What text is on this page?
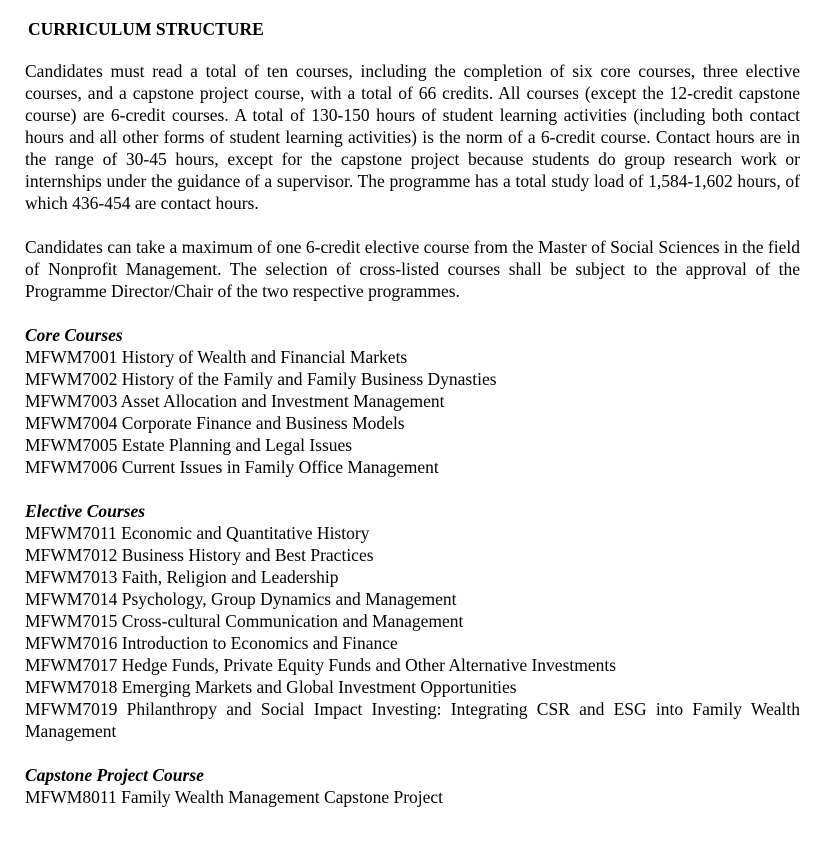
CURRICULUM STRUCTURE

Candidates must read a total of ten courses, including the completion of six core courses, three elective courses, and a capstone project course, with a total of 66 credits. All courses (except the 12-credit capstone course) are 6-credit courses. A total of 130-150 hours of student learning activities (including both contact hours and all other forms of student learning activities) is the norm of a 6-credit course. Contact hours are in the range of 30-45 hours, except for the capstone project because students do group research work or internships under the guidance of a supervisor. The programme has a total study load of 1,584-1,602 hours, of which 436-454 are contact hours.

Candidates can take a maximum of one 6-credit elective course from the Master of Social Sciences in the field of Nonprofit Management. The selection of cross-listed courses shall be subject to the approval of the Programme Director/Chair of the two respective programmes.

Core Courses
MFWM7001 History of Wealth and Financial Markets
MFWM7002 History of the Family and Family Business Dynasties
MFWM7003 Asset Allocation and Investment Management
MFWM7004 Corporate Finance and Business Models
MFWM7005 Estate Planning and Legal Issues
MFWM7006 Current Issues in Family Office Management
Elective Courses
MFWM7011 Economic and Quantitative History
MFWM7012 Business History and Best Practices
MFWM7013 Faith, Religion and Leadership
MFWM7014 Psychology, Group Dynamics and Management
MFWM7015 Cross-cultural Communication and Management
MFWM7016 Introduction to Economics and Finance
MFWM7017 Hedge Funds, Private Equity Funds and Other Alternative Investments
MFWM7018 Emerging Markets and Global Investment Opportunities
MFWM7019 Philanthropy and Social Impact Investing: Integrating CSR and ESG into Family Wealth Management
Capstone Project Course
MFWM8011 Family Wealth Management Capstone Project
